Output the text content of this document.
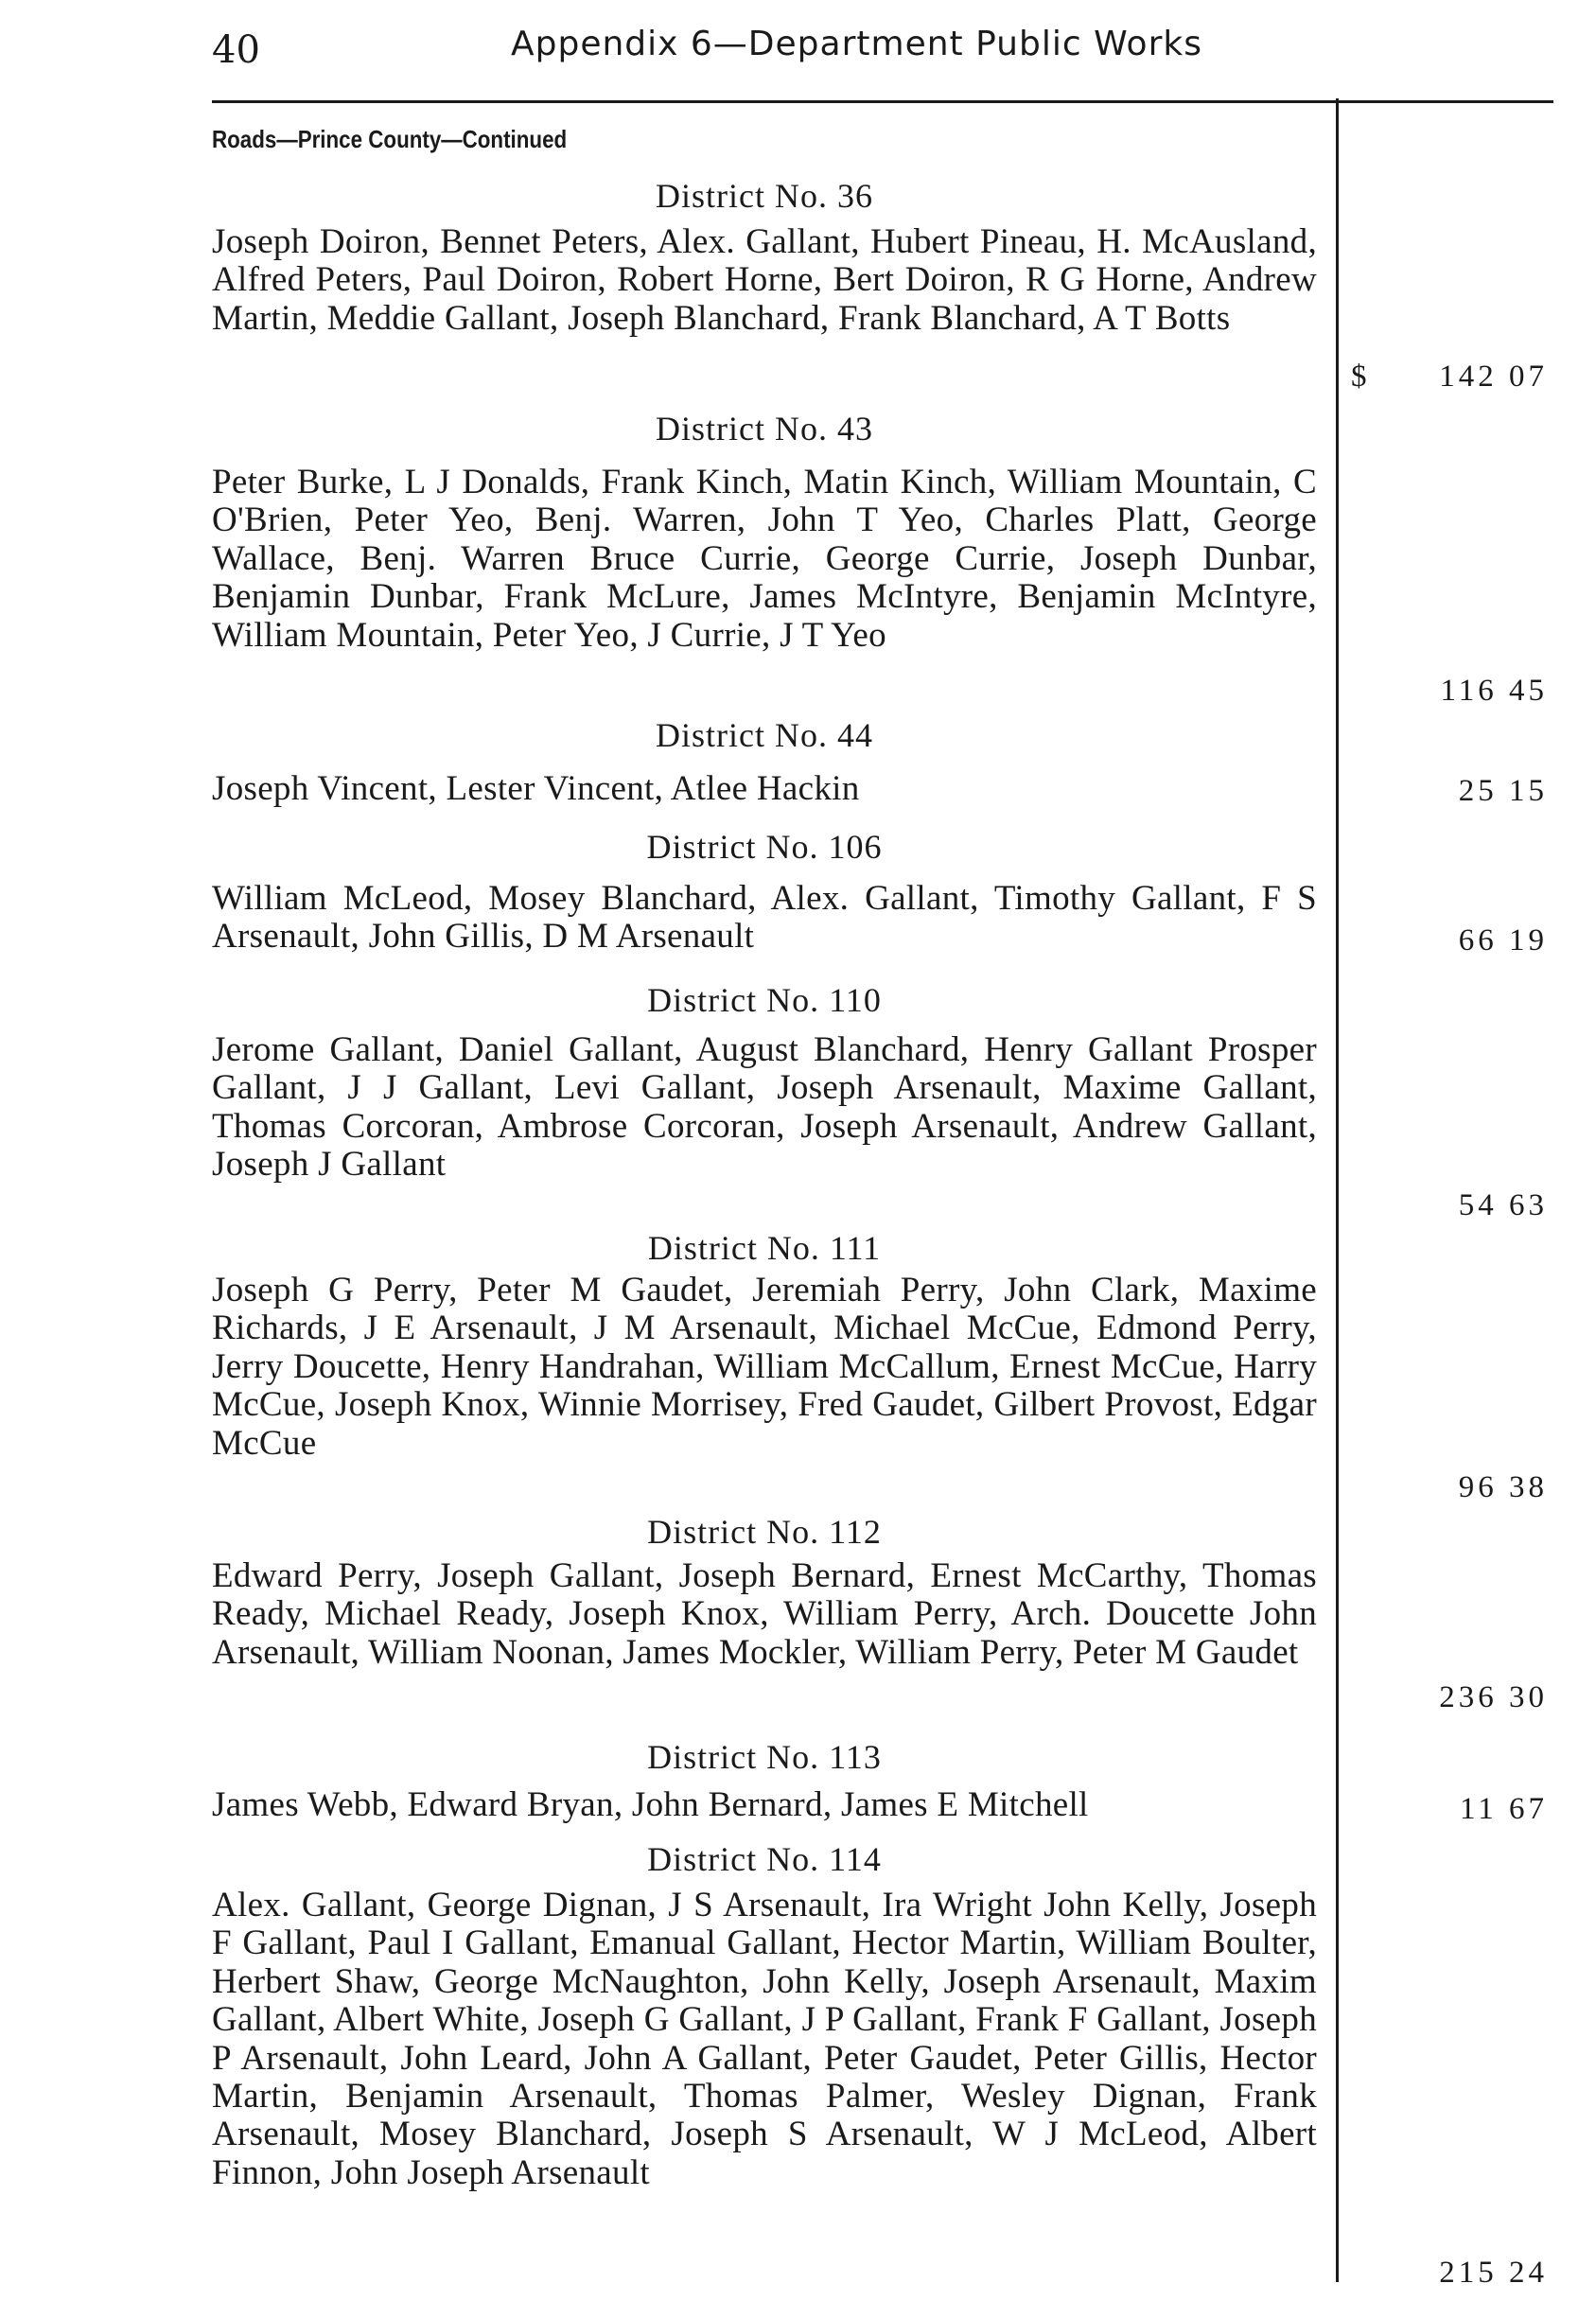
40	Appendix 6—Department Public Works
Roads—Prince County—Continued
District No. 36
Joseph Doiron, Bennet Peters, Alex. Gallant, Hubert Pineau, H. McAusland, Alfred Peters, Paul Doiron, Robert Horne, Bert Doiron, R G Horne, Andrew Martin, Meddie Gallant, Joseph Blanchard, Frank Blanchard, A T Botts
$ 142 07
District No. 43
Peter Burke, L J Donalds, Frank Kinch, Matin Kinch, William Mountain, C O'Brien, Peter Yeo, Benj. Warren, John T Yeo, Charles Platt, George Wallace, Benj. Warren Bruce Currie, George Currie, Joseph Dunbar, Benjamin Dunbar, Frank McLure, James McIntyre, Benjamin McIntyre, William Mountain, Peter Yeo, J Currie, J T Yeo
116 45
District No. 44
Joseph Vincent, Lester Vincent, Atlee Hackin	25 15
District No. 106
William McLeod, Mosey Blanchard, Alex. Gallant, Timothy Gallant, F S Arsenault, John Gillis, D M Arsenault	66 19
District No. 110
Jerome Gallant, Daniel Gallant, August Blanchard, Henry Gallant Prosper Gallant, J J Gallant, Levi Gallant, Joseph Arsenault, Maxime Gallant, Thomas Corcoran, Ambrose Corcoran, Joseph Arsenault, Andrew Gallant, Joseph J Gallant
54 63
District No. 111
Joseph G Perry, Peter M Gaudet, Jeremiah Perry, John Clark, Maxime Richards, J E Arsenault, J M Arsenault, Michael McCue, Edmond Perry, Jerry Doucette, Henry Handrahan, William McCallum, Ernest McCue, Harry McCue, Joseph Knox, Winnie Morrisey, Fred Gaudet, Gilbert Provost, Edgar McCue
96 38
District No. 112
Edward Perry, Joseph Gallant, Joseph Bernard, Ernest McCarthy, Thomas Ready, Michael Ready, Joseph Knox, William Perry, Arch. Doucette John Arsenault, William Noonan, James Mockler, William Perry, Peter M Gaudet
236 30
District No. 113
James Webb, Edward Bryan, John Bernard, James E Mitchell	11 67
District No. 114
Alex. Gallant, George Dignan, J S Arsenault, Ira Wright John Kelly, Joseph F Gallant, Paul I Gallant, Emanual Gallant, Hector Martin, William Boulter, Herbert Shaw, George McNaughton, John Kelly, Joseph Arsenault, Maxim Gallant, Albert White, Joseph G Gallant, J P Gallant, Frank F Gallant, Joseph P Arsenault, John Leard, John A Gallant, Peter Gaudet, Peter Gillis, Hector Martin, Benjamin Arsenault, Thomas Palmer, Wesley Dignan, Frank Arsenault, Mosey Blanchard, Joseph S Arsenault, W J McLeod, Albert Finnon, John Joseph Arsenault
215 24
